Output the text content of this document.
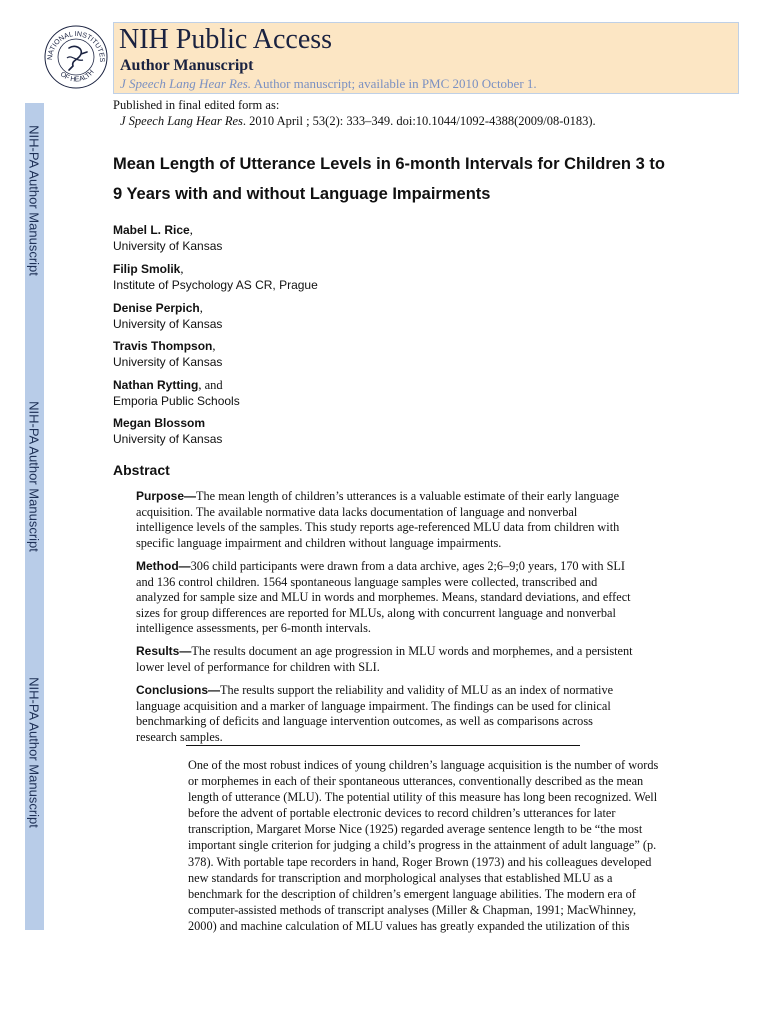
NIH-PA Author Manuscript
NIH-PA Author Manuscript
NIH-PA Author Manuscript
NATIONAL INSTITUTES
OF HEALTH
NIH Public Access
Author Manuscript
J Speech Lang Hear Res. Author manuscript; available in PMC 2010 October 1.
Published in final edited form as:
J Speech Lang Hear Res. 2010 April ; 53(2): 333–349. doi:10.1044/1092-4388(2009/08-0183).
Mean Length of Utterance Levels in 6-month Intervals for Children 3 to 9 Years with and without Language Impairments
Mabel L. Rice,
University of Kansas
Filip Smolik,
Institute of Psychology AS CR, Prague
Denise Perpich,
University of Kansas
Travis Thompson,
University of Kansas
Nathan Rytting, and
Emporia Public Schools
Megan Blossom
University of Kansas
Abstract
Purpose—The mean length of children’s utterances is a valuable estimate of their early language acquisition. The available normative data lacks documentation of language and nonverbal intelligence levels of the samples. This study reports age-referenced MLU data from children with specific language impairment and children without language impairments.
Method—306 child participants were drawn from a data archive, ages 2;6–9;0 years, 170 with SLI and 136 control children. 1564 spontaneous language samples were collected, transcribed and analyzed for sample size and MLU in words and morphemes. Means, standard deviations, and effect sizes for group differences are reported for MLUs, along with concurrent language and nonverbal intelligence assessments, per 6-month intervals.
Results—The results document an age progression in MLU words and morphemes, and a persistent lower level of performance for children with SLI.
Conclusions—The results support the reliability and validity of MLU as an index of normative language acquisition and a marker of language impairment. The findings can be used for clinical benchmarking of deficits and language intervention outcomes, as well as comparisons across research samples.
One of the most robust indices of young children’s language acquisition is the number of words or morphemes in each of their spontaneous utterances, conventionally described as the mean length of utterance (MLU). The potential utility of this measure has long been recognized. Well before the advent of portable electronic devices to record children’s utterances for later transcription, Margaret Morse Nice (1925) regarded average sentence length to be “the most important single criterion for judging a child’s progress in the attainment of adult language” (p. 378). With portable tape recorders in hand, Roger Brown (1973) and his colleagues developed new standards for transcription and morphological analyses that established MLU as a benchmark for the description of children’s emergent language abilities. The modern era of computer-assisted methods of transcript analyses (Miller & Chapman, 1991; MacWhinney, 2000) and machine calculation of MLU values has greatly expanded the utilization of this
